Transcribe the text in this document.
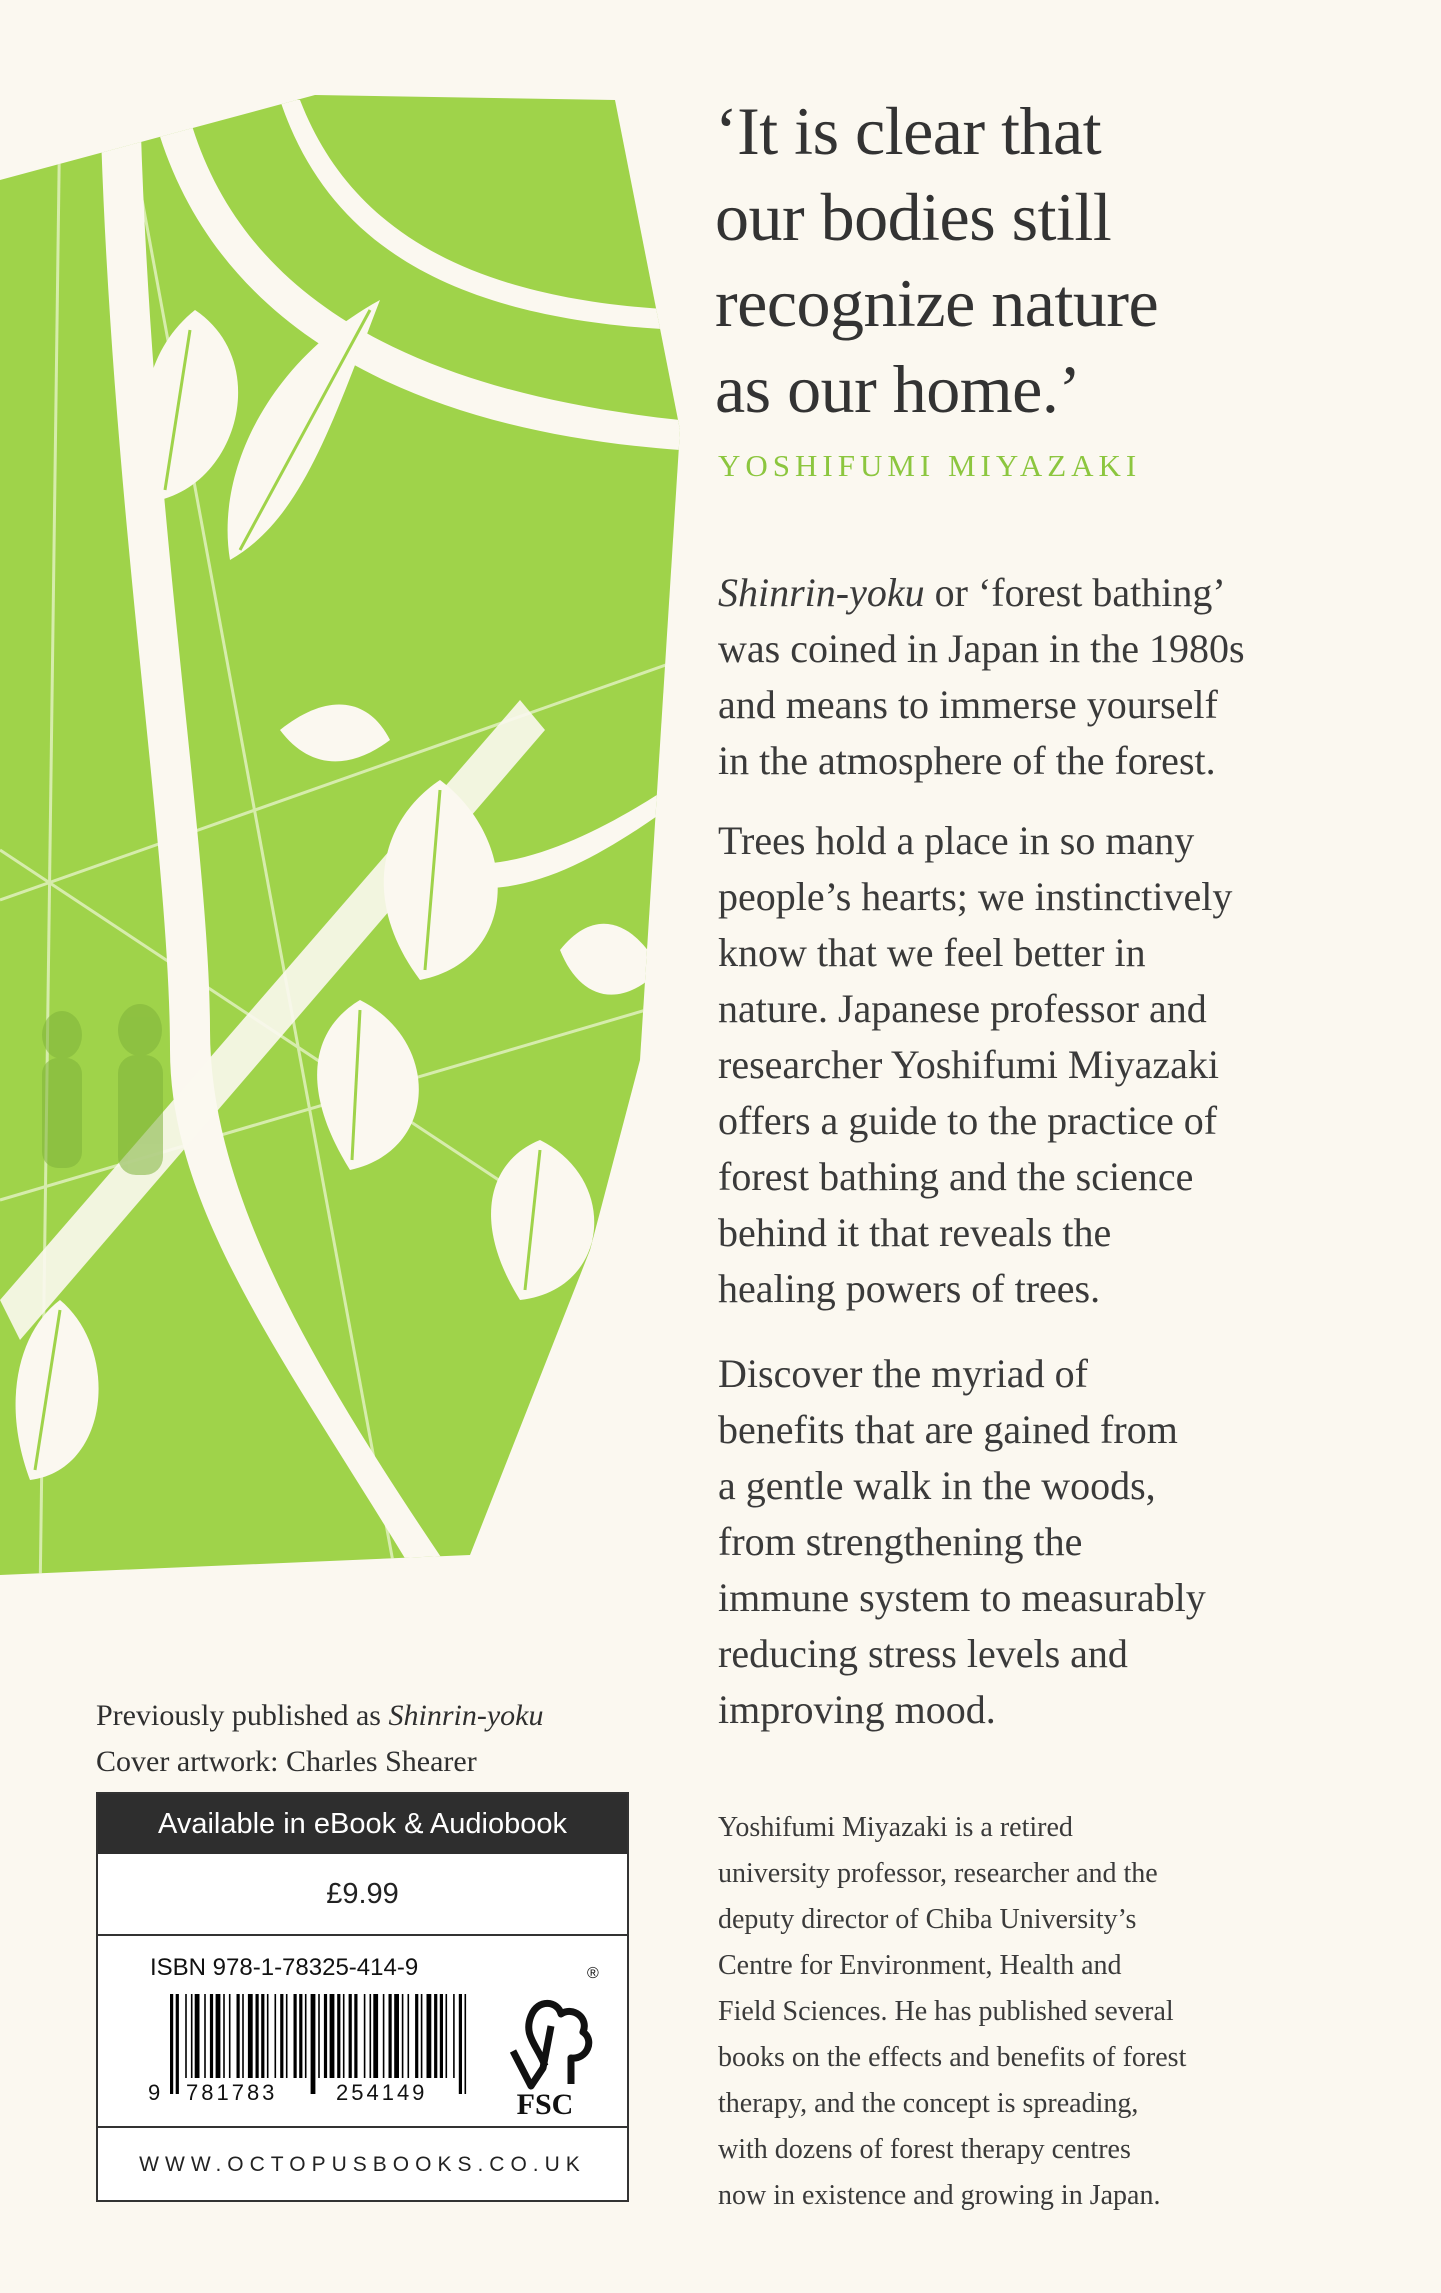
‘It is clear that
our bodies still
recognize nature
as our home.’
YOSHIFUMI MIYAZAKI
Shinrin-yoku or ‘forest bathing’
was coined in Japan in the 1980s
and means to immerse yourself
in the atmosphere of the forest.
Trees hold a place in so many
people’s hearts; we instinctively
know that we feel better in
nature. Japanese professor and
researcher Yoshifumi Miyazaki
offers a guide to the practice of
forest bathing and the science
behind it that reveals the
healing powers of trees.
Discover the myriad of
benefits that are gained from
a gentle walk in the woods,
from strengthening the
immune system to measurably
reducing stress levels and
improving mood.
Yoshifumi Miyazaki is a retired
university professor, researcher and the
deputy director of Chiba University’s
Centre for Environment, Health and
Field Sciences. He has published several
books on the effects and benefits of forest
therapy, and the concept is spreading,
with dozens of forest therapy centres
now in existence and growing in Japan.
Previously published as Shinrin-yoku
Cover artwork: Charles Shearer
Available in eBook & Audiobook
£9.99
ISBN 978-1-78325-414-9
9 781783	254149
®
FSC
WWW.OCTOPUSBOOKS.CO.UK
